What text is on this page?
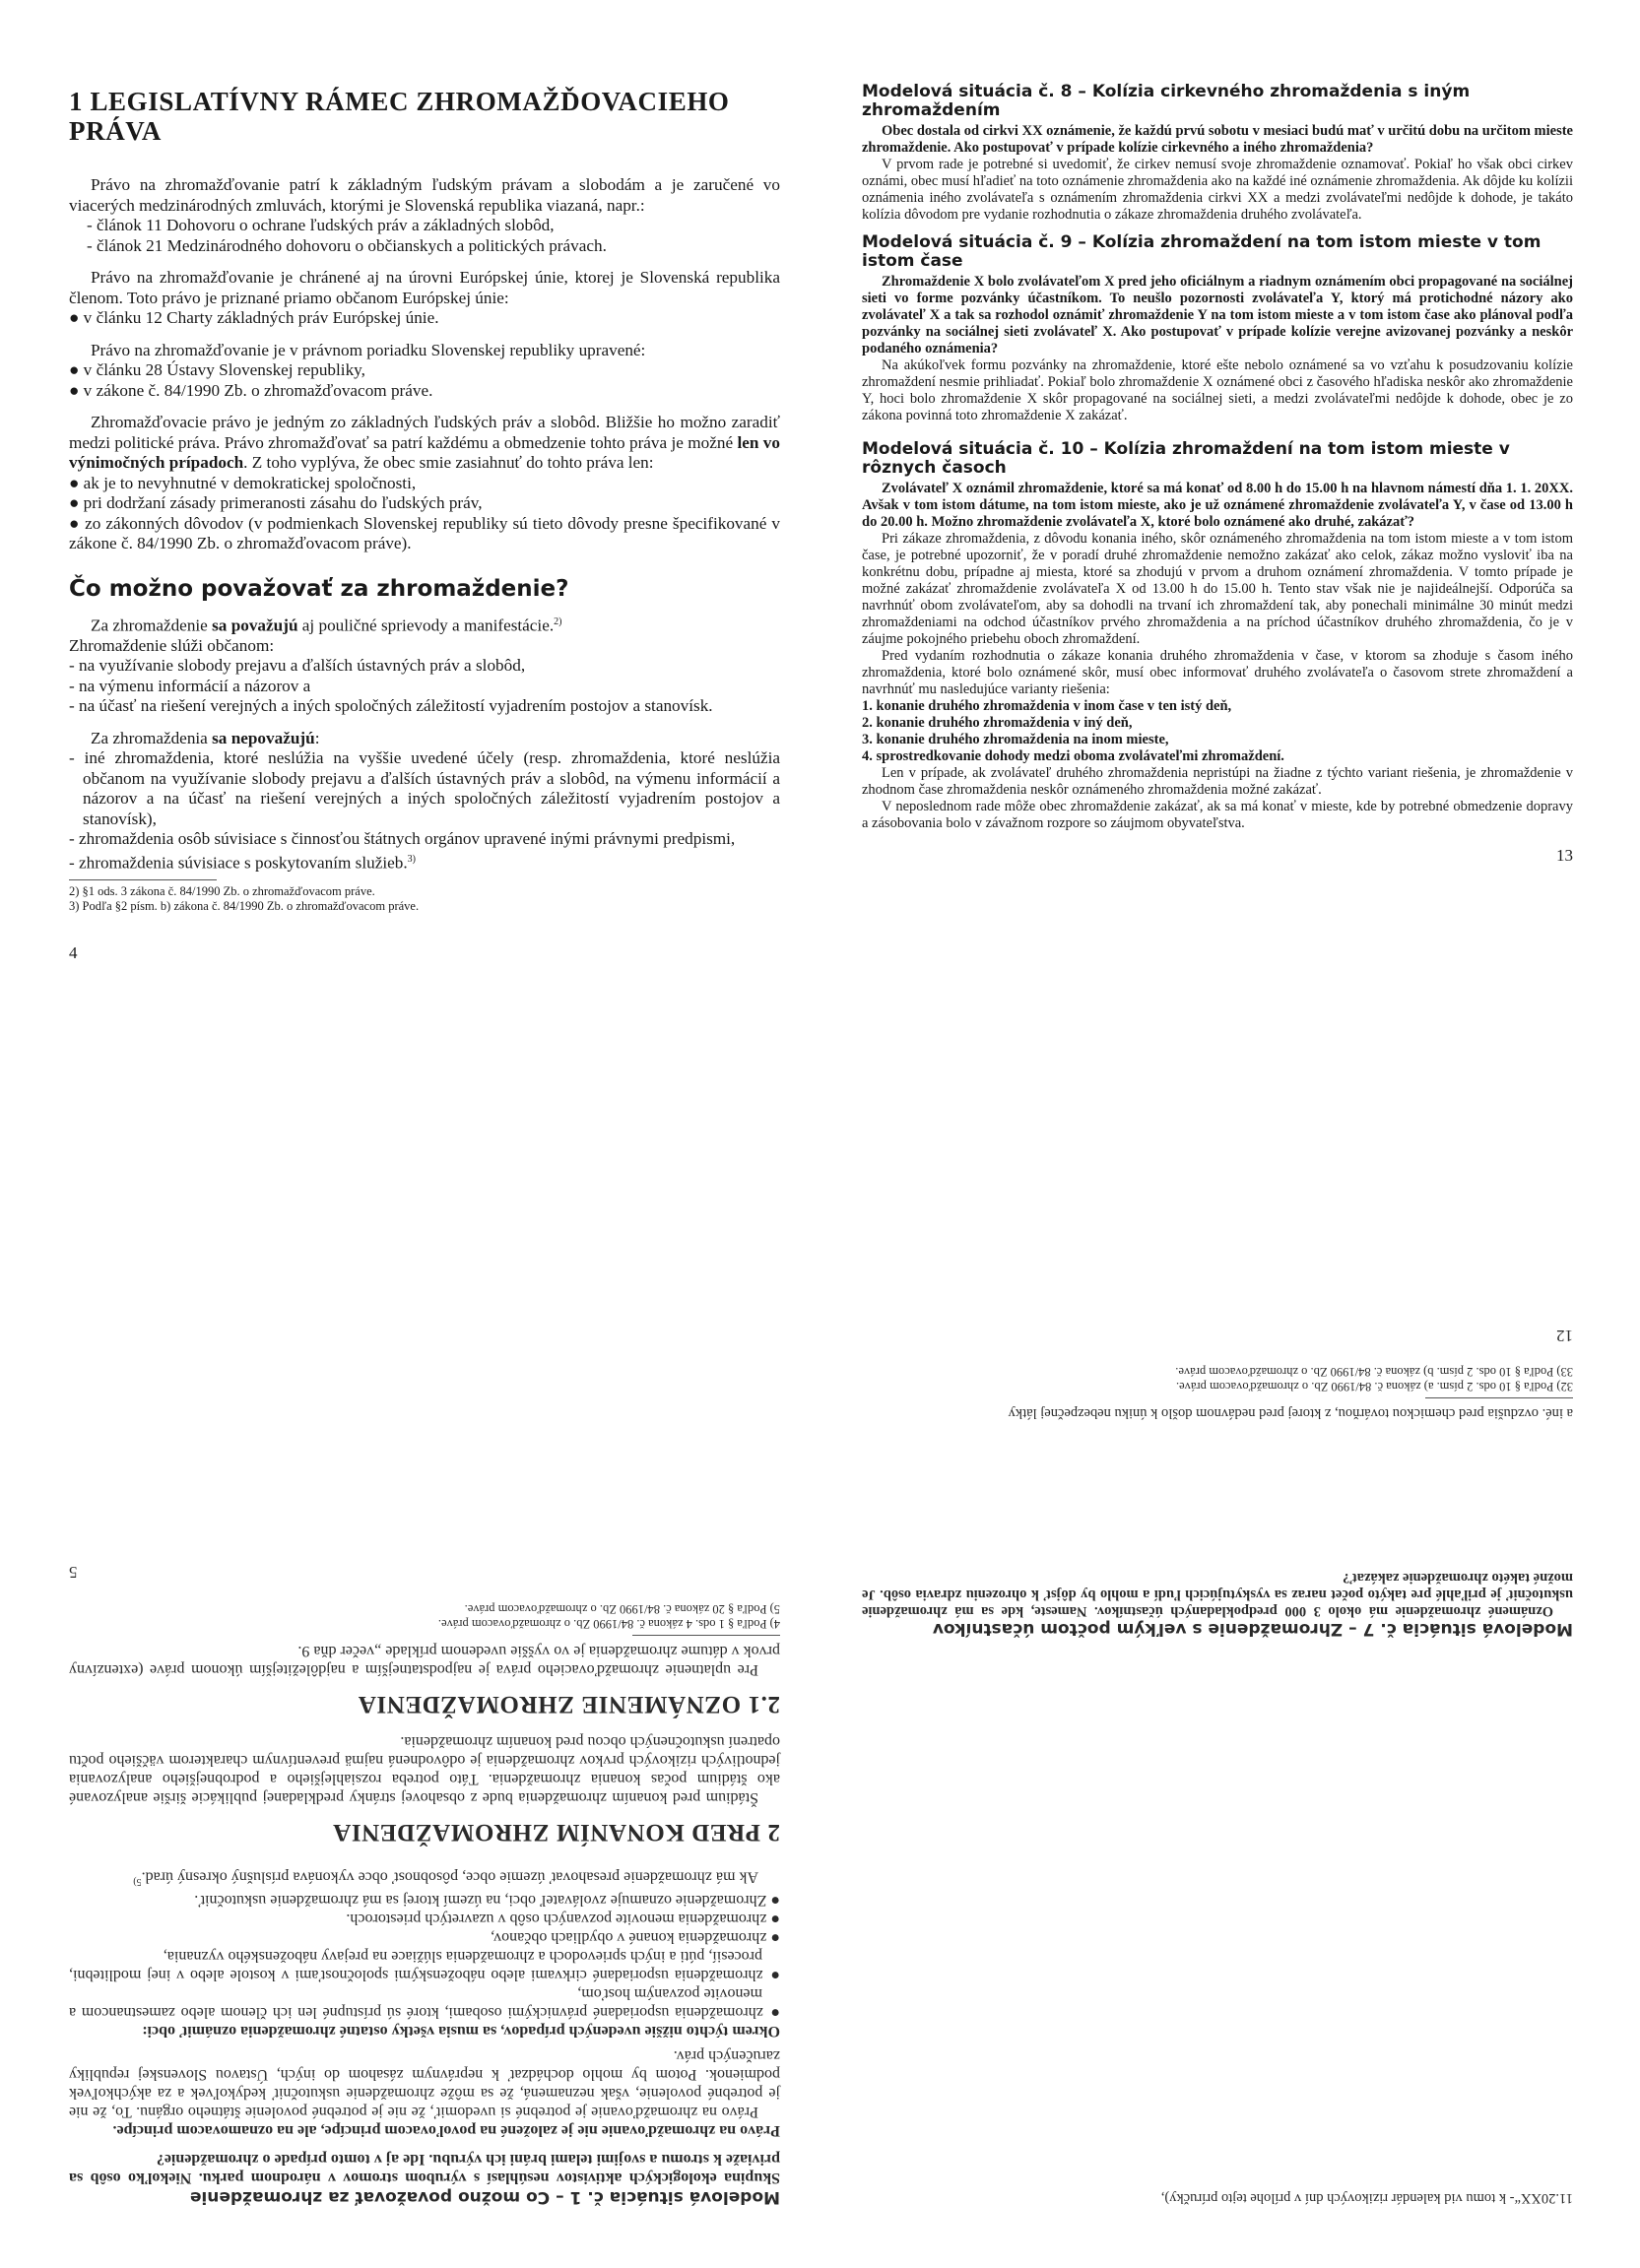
1 LEGISLATÍVNY RÁMEC ZHROMAŽĎOVACIEHO PRÁVA

Právo na zhromažďovanie patrí k základným ľudským právam a slobodám a je zaručené vo viacerých medzinárodných zmluvách, ktorými je Slovenská republika viazaná, napr.:

- článok 11 Dohovoru o ochrane ľudských práv a základných slobôd,

- článok 21 Medzinárodného dohovoru o občianskych a politických právach.

Právo na zhromažďovanie je chránené aj na úrovni Európskej únie, ktorej je Slovenská republika členom. Toto právo je priznané priamo občanom Európskej únie:

● v článku 12 Charty základných práv Európskej únie.

Právo na zhromažďovanie je v právnom poriadku Slovenskej republiky upravené:

● v článku 28 Ústavy Slovenskej republiky,

● v zákone č. 84/1990 Zb. o zhromažďovacom práve.

Zhromažďovacie právo je jedným zo základných ľudských práv a slobôd. Bližšie ho možno zaradiť medzi politické práva. Právo zhromažďovať sa patrí každému a obmedzenie tohto práva je možné len vo výnimočných prípadoch. Z toho vyplýva, že obec smie zasiahnuť do tohto práva len:

● ak je to nevyhnutné v demokratickej spoločnosti,

● pri dodržaní zásady primeranosti zásahu do ľudských práv,

● zo zákonných dôvodov (v podmienkach Slovenskej republiky sú tieto dôvody presne špecifikované v zákone č. 84/1990 Zb. o zhromažďovacom práve).

Čo možno považovať za zhromaždenie?

Za zhromaždenie sa považujú aj pouličné sprievody a manifestácie.$^{2)}$

Zhromaždenie slúži občanom:

- na využívanie slobody prejavu a ďalších ústavných práv a slobôd,

- na výmenu informácií a názorov a

- na účasť na riešení verejných a iných spoločných záležitostí vyjadrením postojov a stanovísk.

Za zhromaždenia sa nepovažujú:

- iné zhromaždenia, ktoré neslúžia na vyššie uvedené účely (resp. zhromaždenia, ktoré neslúžia občanom na využívanie slobody prejavu a ďalších ústavných práv a slobôd, na výmenu informácií a názorov a na účasť na riešení verejných a iných spoločných záležitostí vyjadrením postojov a stanovísk),

- zhromaždenia osôb súvisiace s činnosťou štátnych orgánov upravené inými právnymi predpismi,

- zhromaždenia súvisiace s poskytovaním služieb.$^{3)}$

2) §1 ods. 3 zákona č. 84/1990 Zb. o zhromažďovacom práve.
3) Podľa §2 písm. b) zákona č. 84/1990 Zb. o zhromažďovacom práve.
4
Modelová situácia č. 8 – Kolízia cirkevného zhromaždenia s iným zhromaždením

Obec dostala od cirkvi XX oznámenie, že každú prvú sobotu v mesiaci budú mať v určitú dobu na určitom mieste zhromaždenie. Ako postupovať v prípade kolízie cirkevného a iného zhromaždenia?

V prvom rade je potrebné si uvedomiť, že cirkev nemusí svoje zhromaždenie oznamovať. Pokiaľ ho však obci cirkev oznámi, obec musí hľadieť na toto oznámenie zhromaždenia ako na každé iné oznámenie zhromaždenia. Ak dôjde ku kolízii oznámenia iného zvolávateľa s oznámením zhromaždenia cirkvi XX a medzi zvolávateľmi nedôjde k dohode, je takáto kolízia dôvodom pre vydanie rozhodnutia o zákaze zhromaždenia druhého zvolávateľa.

Modelová situácia č. 9 – Kolízia zhromaždení na tom istom mieste v tom istom čase

Zhromaždenie X bolo zvolávateľom X pred jeho oficiálnym a riadnym oznámením obci propagované na sociálnej sieti vo forme pozvánky účastníkom. To neušlo pozornosti zvolávateľa Y, ktorý má protichodné názory ako zvolávateľ X a tak sa rozhodol oznámiť zhromaždenie Y na tom istom mieste a v tom istom čase ako plánoval podľa pozvánky na sociálnej sieti zvolávateľ X. Ako postupovať v prípade kolízie verejne avizovanej pozvánky a neskôr podaného oznámenia?

Na akúkoľvek formu pozvánky na zhromaždenie, ktoré ešte nebolo oznámené sa vo vzťahu k posudzovaniu kolízie zhromaždení nesmie prihliadať. Pokiaľ bolo zhromaždenie X oznámené obci z časového hľadiska neskôr ako zhromaždenie Y, hoci bolo zhromaždenie X skôr propagované na sociálnej sieti, a medzi zvolávateľmi nedôjde k dohode, obec je zo zákona povinná toto zhromaždenie X zakázať.

Modelová situácia č. 10 – Kolízia zhromaždení na tom istom mieste v rôznych časoch

Zvolávateľ X oznámil zhromaždenie, ktoré sa má konať od 8.00 h do 15.00 h na hlavnom námestí dňa 1. 1. 20XX. Avšak v tom istom dátume, na tom istom mieste, ako je už oznámené zhromaždenie zvolávateľa Y, v čase od 13.00 h do 20.00 h. Možno zhromaždenie zvolávateľa X, ktoré bolo oznámené ako druhé, zakázať?

Pri zákaze zhromaždenia, z dôvodu konania iného, skôr oznámeného zhromaždenia na tom istom mieste a v tom istom čase, je potrebné upozorniť, že v poradí druhé zhromaždenie nemožno zakázať ako celok, zákaz možno vysloviť iba na konkrétnu dobu, prípadne aj miesta, ktoré sa zhodujú v prvom a druhom oznámení zhromaždenia. V tomto prípade je možné zakázať zhromaždenie zvolávateľa X od 13.00 h do 15.00 h. Tento stav však nie je najideálnejší. Odporúča sa navrhnúť obom zvolávateľom, aby sa dohodli na trvaní ich zhromaždení tak, aby ponechali minimálne 30 minút medzi zhromaždeniami na odchod účastníkov prvého zhromaždenia a na príchod účastníkov druhého zhromaždenia, čo je v záujme pokojného priebehu oboch zhromaždení.

Pred vydaním rozhodnutia o zákaze konania druhého zhromaždenia v čase, v ktorom sa zhoduje s časom iného zhromaždenia, ktoré bolo oznámené skôr, musí obec informovať druhého zvolávateľa o časovom strete zhromaždení a navrhnúť mu nasledujúce varianty riešenia:

1. konanie druhého zhromaždenia v inom čase v ten istý deň,

2. konanie druhého zhromaždenia v iný deň,

3. konanie druhého zhromaždenia na inom mieste,

4. sprostredkovanie dohody medzi oboma zvolávateľmi zhromaždení.

Len v prípade, ak zvolávateľ druhého zhromaždenia nepristúpi na žiadne z týchto variant riešenia, je zhromaždenie v zhodnom čase zhromaždenia neskôr oznámeného zhromaždenia možné zakázať.

V neposlednom rade môže obec zhromaždenie zakázať, ak sa má konať v mieste, kde by potrebné obmedzenie dopravy a zásobovania bolo v závažnom rozpore so záujmom obyvateľstva.

13
Modelová situácia č. 1 – Co možno považovať za zhromaždenie

Skupina ekologických aktivistov nesúhlasí s výrubom stromov v národnom parku. Niekoľko osôb sa priviaže k stromu a svojimi telami bráni ich výrubu. Ide aj v tomto prípade o zhromaždenie?

Právo na zhromažďovanie nie je založené na povoľovacom princípe, ale na oznamovacom princípe.

Právo na zhromažďovanie je potrebné si uvedomiť, že nie je potrebné povolenie štátneho orgánu. To, že nie je potrebné povolenie, však neznamená, že sa môže zhromaždenie uskutočniť kedykoľvek a za akýchkoľvek podmienok. Potom by mohlo dochádzať k neprávnym zásahom do iných, Ústavou Slovenskej republiky zaručených práv.

Okrem týchto nižšie uvedených prípadov, sa musia všetky ostatné zhromaždenia oznámiť obci:

● zhromaždenia usporiadané právnickými osobami, ktoré sú prístupné len ich členom alebo zamestnancom a menovite pozvaným hosťom,

● zhromaždenia usporiadané cirkvami alebo náboženskými spoločnosťami v kostole alebo v inej modlitebni, procesií, púti a iných sprievodoch a zhromaždenia slúžiace na prejavy náboženského vyznania,

● zhromaždenia konané v obydliach občanov,

● zhromaždenia menovite pozvaných osôb v uzavretých priestoroch.

● Zhromaždenie oznamuje zvolávateľ obci, na území ktorej sa má zhromaždenie uskutočniť.

Ak má zhromaždenie presahovať územie obce, pôsobnosť obce vykonáva príslušný okresný úrad.$^{5)}$

2 PRED KONANÍM ZHROMAŽDENIA

Štádium pred konaním zhromaždenia bude z obsahovej stránky predkladanej publikácie širšie analyzované ako štádium počas konania zhromaždenia. Táto potreba rozsiahlejšieho a podrobnejšieho analyzovania jednotlivých rizikových prvkov zhromaždenia je odôvodnená najmä preventívnym charakterom väčšieho počtu opatrení uskutočnených obcou pred konaním zhromaždenia.

2.1 OZNÁMENIE ZHROMAŽDENIA

Pre uplatnenie zhromažďovacieho práva je najpodstatnejším a najdôležitejším úkonom práve (extenzívny prvok v dátume zhromaždenia je vo vyššie uvedenom príklade „večer dňa 9.

4) Podľa § 1 ods. 4 zákona č. 84/1990 Zb. o zhromažďovacom práve.
5) Podľa § 20 zákona č. 84/1990 Zb. o zhromažďovacom práve.
5

11.20XX“- k tomu vid kalendár rizikových dní v prílohe tejto príručky),

Modelová situácia č. 7 – Zhromaždenie s veľkým počtom účastníkov

Oznámené zhromaždenie má okolo 3 000 predpokladaných účastníkov. Nameste, kde sa má zhromaždenie uskutočniť je priľahlé pre takýto počet naraz sa vyskytujúcich ľudí a mohlo by dôjsť k ohrozeniu zdravia osôb. Je možné takéto zhromaždenie zakázať?

a iné. ovzdušia pred chemickou továrňou, z ktorej pred nedávnom došlo k úniku nebezpečnej látky

32) Podľa § 10 ods. 2 písm. a) zákona č. 84/1990 Zb. o zhromažďovacom práve.
33) Podľa § 10 ods. 2 písm. b) zákona č. 84/1990 Zb. o zhromažďovacom práve.
12
